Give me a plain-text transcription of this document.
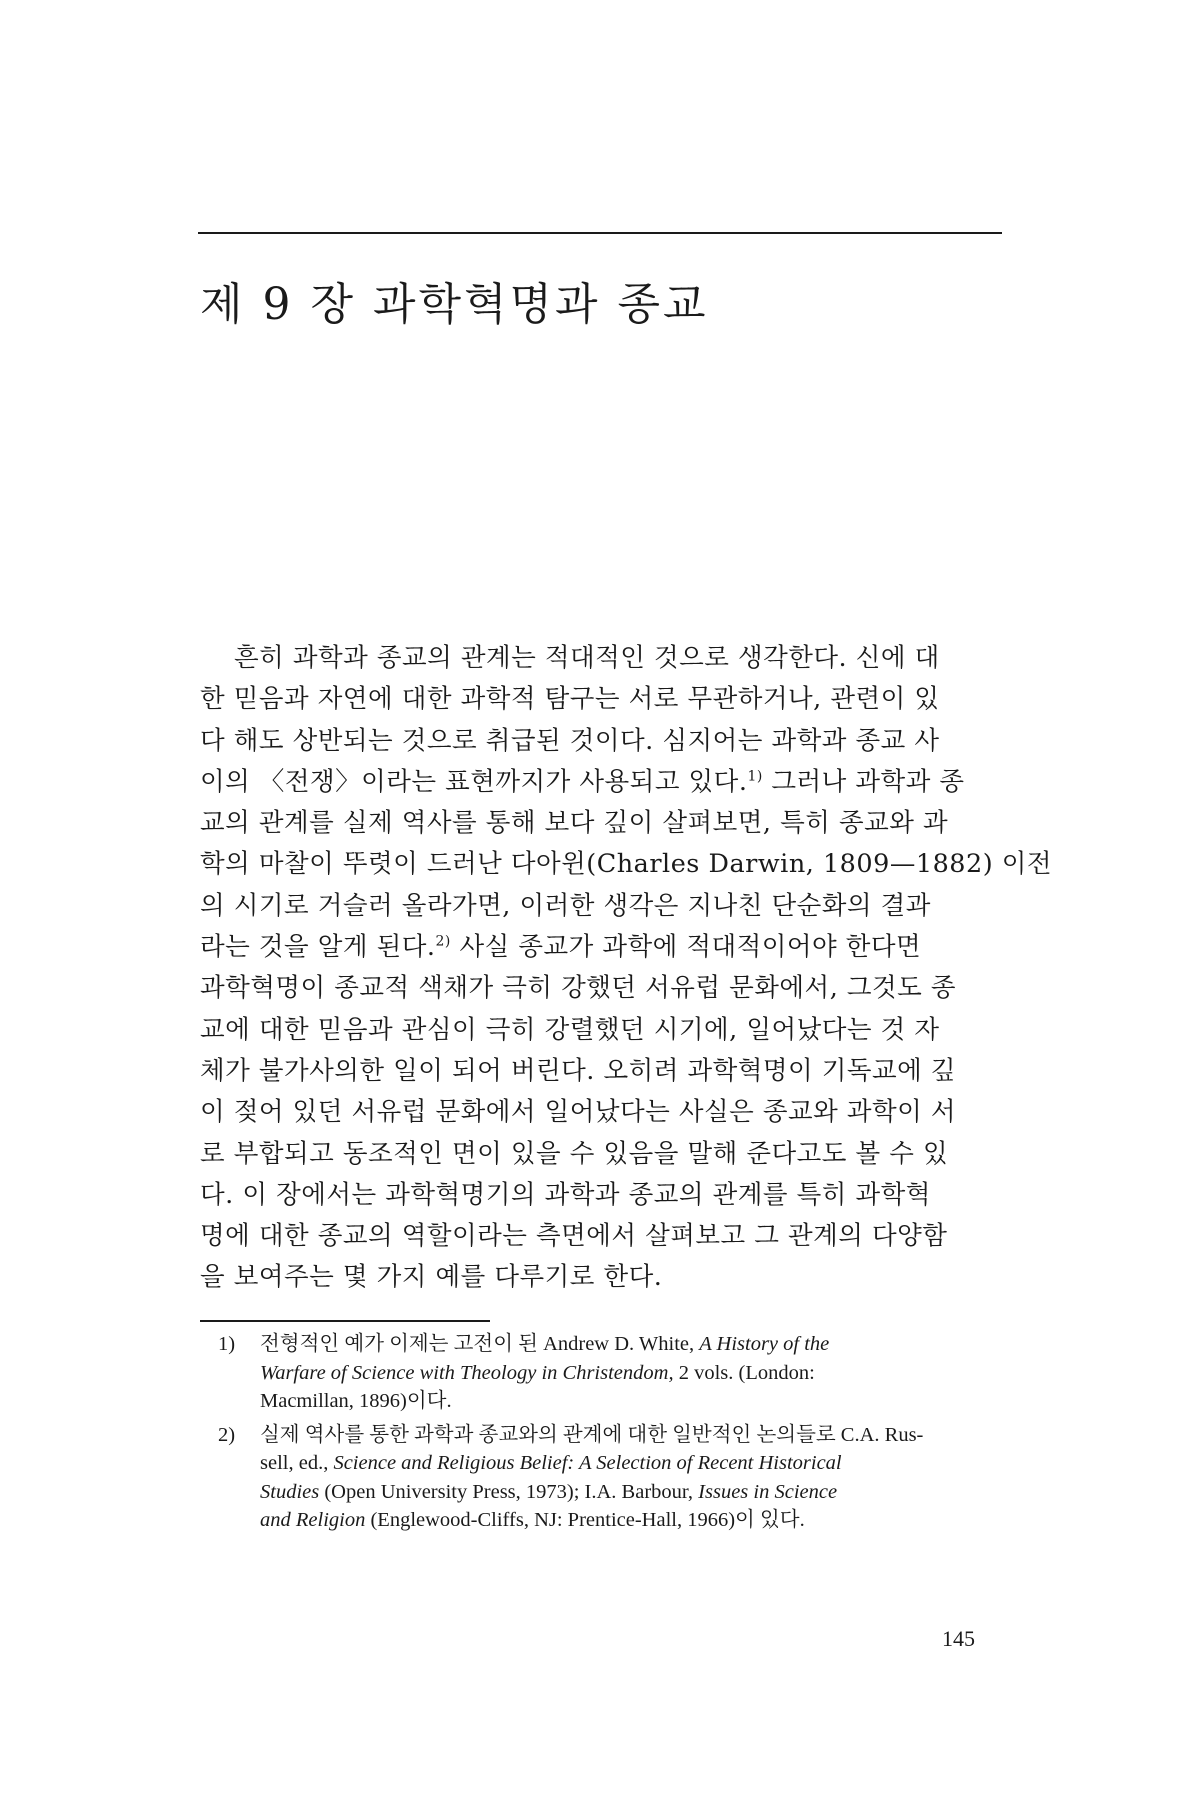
제 9 장 과학혁명과 종교
흔히 과학과 종교의 관계는 적대적인 것으로 생각한다. 신에 대
한 믿음과 자연에 대한 과학적 탐구는 서로 무관하거나, 관련이 있
다 해도 상반되는 것으로 취급된 것이다. 심지어는 과학과 종교 사
이의 〈전쟁〉이라는 표현까지가 사용되고 있다.$^{1)}$ 그러나 과학과 종
교의 관계를 실제 역사를 통해 보다 깊이 살펴보면, 특히 종교와 과
학의 마찰이 뚜렷이 드러난 다아윈(Charles Darwin, 1809—1882) 이전
의 시기로 거슬러 올라가면, 이러한 생각은 지나친 단순화의 결과
라는 것을 알게 된다.$^{2)}$ 사실 종교가 과학에 적대적이어야 한다면
과학혁명이 종교적 색채가 극히 강했던 서유럽 문화에서, 그것도 종
교에 대한 믿음과 관심이 극히 강렬했던 시기에, 일어났다는 것 자
체가 불가사의한 일이 되어 버린다. 오히려 과학혁명이 기독교에 깊
이 젖어 있던 서유럽 문화에서 일어났다는 사실은 종교와 과학이 서
로 부합되고 동조적인 면이 있을 수 있음을 말해 준다고도 볼 수 있
다. 이 장에서는 과학혁명기의 과학과 종교의 관계를 특히 과학혁
명에 대한 종교의 역할이라는 측면에서 살펴보고 그 관계의 다양함
을 보여주는 몇 가지 예를 다루기로 한다.
1) 전형적인 예가 이제는 고전이 된 Andrew D. White, A History of the
Warfare of Science with Theology in Christendom, 2 vols. (London:
Macmillan, 1896)이다.
2) 실제 역사를 통한 과학과 종교와의 관계에 대한 일반적인 논의들로 C.A. Rus-
sell, ed., Science and Religious Belief: A Selection of Recent Historical
Studies (Open University Press, 1973); I.A. Barbour, Issues in Science
and Religion (Englewood-Cliffs, NJ: Prentice-Hall, 1966)이 있다.
145
